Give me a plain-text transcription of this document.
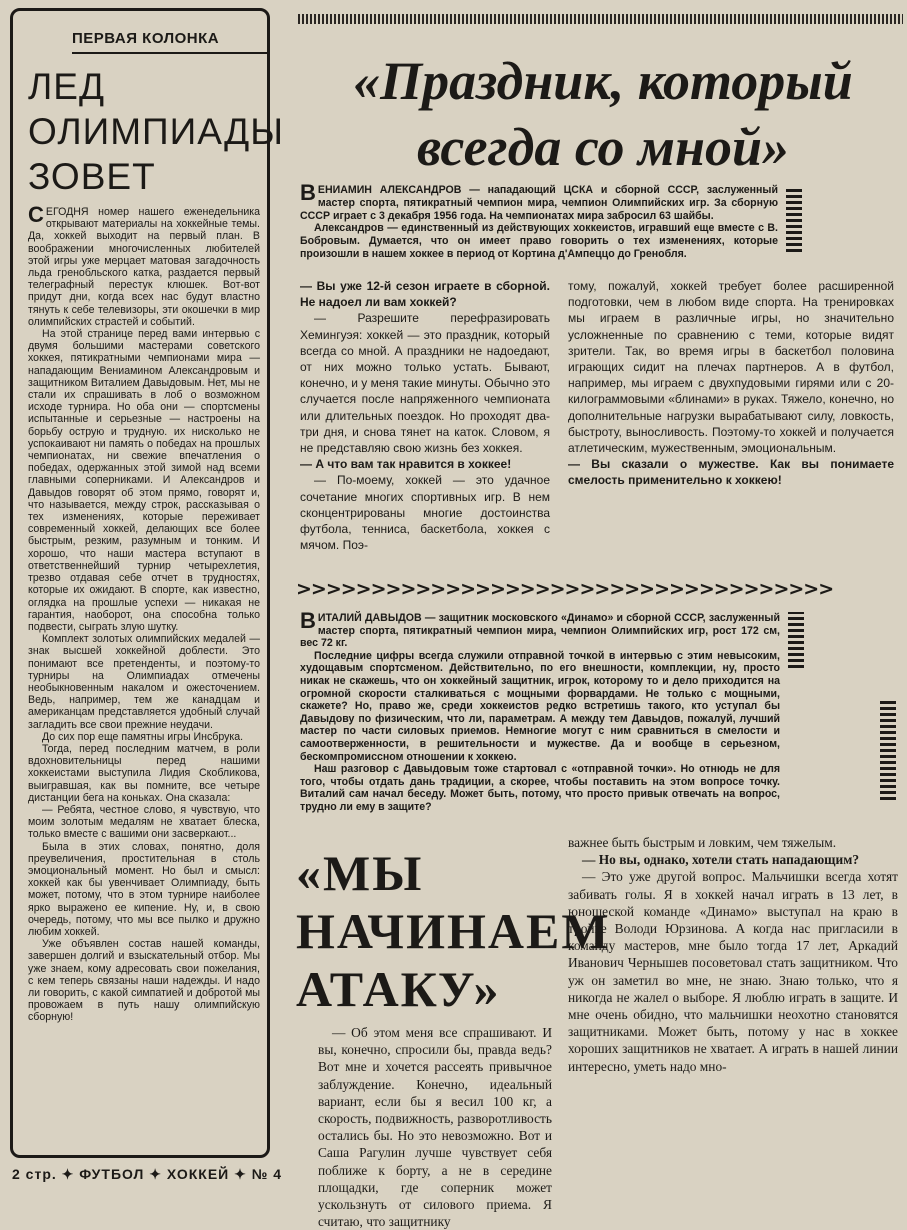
ПЕРВАЯ КОЛОНКА
ЛЕД
ОЛИМПИАДЫ
ЗОВЕТ

СЕГОДНЯ номер нашего еженедельника открывают материалы на хоккейные темы. Да, хоккей выходит на первый план. В воображении многочисленных любителей этой игры уже мерцает матовая загадочность льда гренобльского катка, раздается первый телеграфный перестук клюшек. Вот-вот придут дни, когда всех нас будут властно тянуть к себе телевизоры, эти окошечки в мир олимпийских страстей и событий.

На этой странице перед вами интервью с двумя большими мастерами советского хоккея, пятикратными чемпионами мира — нападающим Вениамином Александровым и защитником Виталием Давыдовым. Нет, мы не стали их спрашивать в лоб о возможном исходе турнира. Но оба они — спортсмены испытанные и серьезные — настроены на борьбу острую и трудную. их нисколько не успокаивают ни память о победах на прошлых чемпионатах, ни свежие впечатления о победах, одержанных этой зимой над всеми главными соперниками. И Александров и Давыдов говорят об этом прямо, говорят и, что называется, между строк, рассказывая о тех изменениях, которые переживает современный хоккей, делающих все более быстрым, резким, разумным и тонким. И хорошо, что наши мастера вступают в ответственнейший турнир четырехлетия, трезво отдавая себе отчет в трудностях, которые их ожидают. В спорте, как известно, оглядка на прошлые успехи — никакая не гарантия, наоборот, она способна только подвести, сыграть злую шутку.

Комплект золотых олимпийских медалей — знак высшей хоккейной доблести. Это понимают все претенденты, и поэтому-то турниры на Олимпиадах отмечены необыкновенным накалом и ожесточением. Ведь, например, тем же канадцам и американцам представляется удобный случай загладить все свои прежние неудачи.

До сих пор еще памятны игры Инсбрука.

Тогда, перед последним матчем, в роли вдохновительницы перед нашими хоккеистами выступила Лидия Скобликова, выигравшая, как вы помните, все четыре дистанции бега на коньках. Она сказала:

— Ребята, честное слово, я чувствую, что моим золотым медалям не хватает блеска, только вместе с вашими они засверкают...

Была в этих словах, понятно, доля преувеличения, простительная в столь эмоциональный момент. Но был и смысл: хоккей как бы увенчивает Олимпиаду, быть может, потому, что в этом турнире наиболее ярко выражено ее кипение. Ну, и, в свою очередь, потому, что мы все пылко и дружно любим хоккей.

Уже объявлен состав нашей команды, завершен долгий и взыскательный отбор. Мы уже знаем, кому адресовать свои пожелания, с кем теперь связаны наши надежды. И надо ли говорить, с какой симпатией и добротой мы провожаем в путь нашу олимпийскую сборную!

«Праздник, который всегда со мной»

ВЕНИАМИН АЛЕКСАНДРОВ — нападающий ЦСКА и сборной СССР, заслуженный мастер спорта, пятикратный чемпион мира, чемпион Олимпийских игр. За сборную СССР играет с 3 декабря 1956 года. На чемпионатах мира забросил 63 шайбы.

Александров — единственный из действующих хоккеистов, игравший еще вместе с В. Бобровым. Думается, что он имеет право говорить о тех изменениях, которые произошли в нашем хоккее в период от Кортина д'Ампеццо до Гренобля.

— Вы уже 12-й сезон играете в сборной. Не надоел ли вам хоккей?

— Разрешите перефразировать Хемингуэя: хоккей — это праздник, который всегда со мной. А праздники не надоедают, от них можно только устать. Бывают, конечно, и у меня такие минуты. Обычно это случается после напряженного чемпионата или длительных поездок. Но проходят два-три дня, и снова тянет на каток. Словом, я не представляю свою жизнь без хоккея.

— А что вам так нравится в хоккее!

— По-моему, хоккей — это удачное сочетание многих спортивных игр. В нем сконцентрированы многие достоинства футбола, тенниса, баскетбола, хоккея с мячом. Поэ-

тому, пожалуй, хоккей требует более расширенной подготовки, чем в любом виде спорта. На тренировках мы играем в различные игры, но значительно усложненные по сравнению с теми, которые видят зрители. Так, во время игры в баскетбол половина играющих сидит на плечах партнеров. А в футбол, например, мы играем с двухпудовыми гирями или с 20-килограммовыми «блинами» в руках. Тяжело, конечно, но дополнительные нагрузки вырабатывают силу, ловкость, быстроту, выносливость. Поэтому-то хоккей и получается атлетическим, мужественным, эмоциональным.

— Вы сказали о мужестве. Как вы понимаете смелость применительно к хоккею!

>>>>>>>>>>>>>>>>>>>>>>>>>>>>>>>>>>>>

ВИТАЛИЙ ДАВЫДОВ — защитник московского «Динамо» и сборной СССР, заслуженный мастер спорта, пятикратный чемпион мира, чемпион Олимпийских игр, рост 172 см, вес 72 кг.

Последние цифры всегда служили отправной точкой в интервью с этим невысоким, худощавым спортсменом. Действительно, по его внешности, комплекции, ну, просто никак не скажешь, что он хоккейный защитник, игрок, которому то и дело приходится на огромной скорости сталкиваться с мощными форвардами. Не только с мощными, скажете? Но, право же, среди хоккеистов редко встретишь такого, кто уступал бы Давыдову по физическим, что ли, параметрам. А между тем Давыдов, пожалуй, лучший мастер по части силовых приемов. Немногие могут с ним сравниться в смелости и самоотверженности, в решительности и мужестве. Да и вообще в серьезном, бескомпромиссном отношении к хоккею.

Наш разговор с Давыдовым тоже стартовал с «отправной точки». Но отнюдь не для того, чтобы отдать дань традиции, а скорее, чтобы поставить на этом вопросе точку. Виталий сам начал беседу. Может быть, потому, что просто привык отвечать на вопрос, трудно ли ему в защите?

«МЫ
НАЧИНАЕМ
АТАКУ»

— Об этом меня все спрашивают. И вы, конечно, спросили бы, правда ведь? Вот мне и хочется рассеять привычное заблуждение. Конечно, идеальный вариант, если бы я весил 100 кг, а скорость, подвижность, разворотливость остались бы. Но это невозможно. Вот и Саша Рагулин лучше чувствует себя поближе к борту, а не в середине площадки, где соперник может ускользнуть от силового приема. Я считаю, что защитнику

важнее быть быстрым и ловким, чем тяжелым.

— Но вы, однако, хотели стать нападающим?

— Это уже другой вопрос. Мальчишки всегда хотят забивать голы. Я в хоккей начал играть в 13 лет, в юношеской команде «Динамо» выступал на краю в тройке Володи Юрзинова. А когда нас пригласили в команду мастеров, мне было тогда 17 лет, Аркадий Иванович Чернышев посоветовал стать защитником. Что уж он заметил во мне, не знаю. Знаю только, что я никогда не жалел о выборе. Я люблю играть в защите. И мне очень обидно, что мальчишки неохотно становятся защитниками. Может быть, потому у нас в хоккее хороших защитников не хватает. А играть в нашей линии интересно, уметь надо мно-

2 стр. ✦ ФУТБОЛ ✦ ХОККЕЙ ✦ № 4
